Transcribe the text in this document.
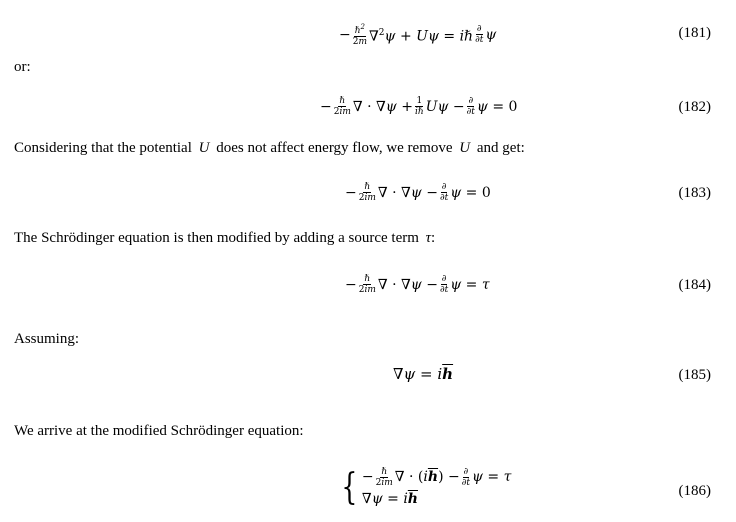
− $\frac{\hbar^2}{2m} \nabla^2\psi + U\psi$ = iℏ $\frac{\partial}{\partial t}$ ψ	(181)
or:
− $\frac{\text{ℏ}}{2im}$ ∇ · $\nabla\psi + \frac{1}{\text{iℏ}}$ $U\psi - \frac{\partial}{\partial t}$ ψ = 0	(182)
Considering that the potential U does not affect energy flow, we remove U and get:
− $\frac{\text{ℏ}}{2im}$ ∇ · $\nabla\psi - \frac{\partial}{\partial t}$ ψ = 0	(183)
The Schrödinger equation is then modified by adding a source term τ:
− $\frac{\text{ℏ}}{2im}$ ∇ · $\nabla\psi - \frac{\partial}{\partial t}$ ψ = τ	(184)
Assuming:
$\nabla\psi = i\overline{h}$	(185)
We arrive at the modified Schrödinger equation:
{ − $\frac{\text{ℏ}}{2im}$ ∇ · $(i\overline{h}) - \frac{\partial}{\partial t}$ ψ = τ
$\nabla\psi = i\overline{h}$	(186)
